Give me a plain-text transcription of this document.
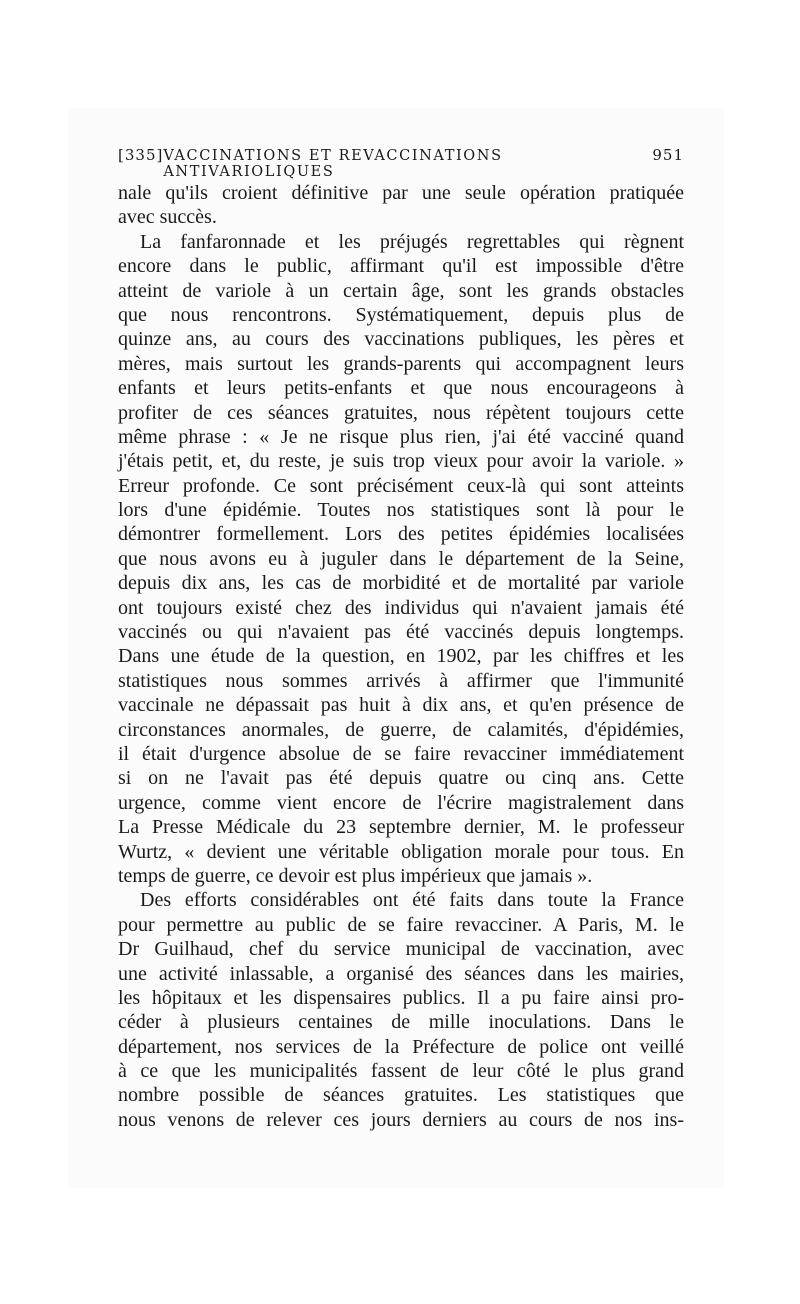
[335] VACCINATIONS ET REVACCINATIONS ANTIVARIOLIQUES
951
nale qu'ils croient définitive par une seule opération pratiquée
avec succès.
La fanfaronnade et les préjugés regrettables qui règnent
encore dans le public, affirmant qu'il est impossible d'être
atteint de variole à un certain âge, sont les grands obstacles
que nous rencontrons. Systématiquement, depuis plus de
quinze ans, au cours des vaccinations publiques, les pères et
mères, mais surtout les grands-parents qui accompagnent leurs
enfants et leurs petits-enfants et que nous encourageons à
profiter de ces séances gratuites, nous répètent toujours cette
même phrase : « Je ne risque plus rien, j'ai été vacciné quand
j'étais petit, et, du reste, je suis trop vieux pour avoir la variole. »
Erreur profonde. Ce sont précisément ceux-là qui sont atteints
lors d'une épidémie. Toutes nos statistiques sont là pour le
démontrer formellement. Lors des petites épidémies localisées
que nous avons eu à juguler dans le département de la Seine,
depuis dix ans, les cas de morbidité et de mortalité par variole
ont toujours existé chez des individus qui n'avaient jamais été
vaccinés ou qui n'avaient pas été vaccinés depuis longtemps.
Dans une étude de la question, en 1902, par les chiffres et les
statistiques nous sommes arrivés à affirmer que l'immunité
vaccinale ne dépassait pas huit à dix ans, et qu'en présence de
circonstances anormales, de guerre, de calamités, d'épidémies,
il était d'urgence absolue de se faire revacciner immédiatement
si on ne l'avait pas été depuis quatre ou cinq ans. Cette
urgence, comme vient encore de l'écrire magistralement dans
La Presse Médicale du 23 septembre dernier, M. le professeur
Wurtz, « devient une véritable obligation morale pour tous. En
temps de guerre, ce devoir est plus impérieux que jamais ».
Des efforts considérables ont été faits dans toute la France
pour permettre au public de se faire revacciner. A Paris, M. le
Dr Guilhaud, chef du service municipal de vaccination, avec
une activité inlassable, a organisé des séances dans les mairies,
les hôpitaux et les dispensaires publics. Il a pu faire ainsi pro-
céder à plusieurs centaines de mille inoculations. Dans le
département, nos services de la Préfecture de police ont veillé
à ce que les municipalités fassent de leur côté le plus grand
nombre possible de séances gratuites. Les statistiques que
nous venons de relever ces jours derniers au cours de nos ins-
